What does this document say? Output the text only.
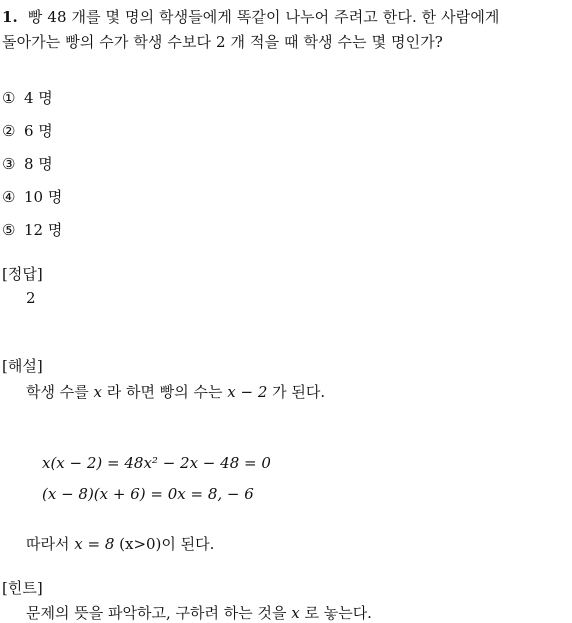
1. 빵 48 개를 몇 명의 학생들에게 똑같이 나누어 주려고 한다. 한 사람에게
돌아가는 빵의 수가 학생 수보다 2 개 적을 때 학생 수는 몇 명인가?
① 4 명
② 6 명
③ 8 명
④ 10 명
⑤ 12 명
[정답]
2
[해설]
학생 수를 x 라 하면 빵의 수는 x − 2 가 된다.
x(x − 2) = 48x² − 2x − 48 = 0
(x − 8)(x + 6) = 0x = 8, − 6
따라서 x = 8 (x>0)이 된다.
[힌트]
문제의 뜻을 파악하고, 구하려 하는 것을 x 로 놓는다.
